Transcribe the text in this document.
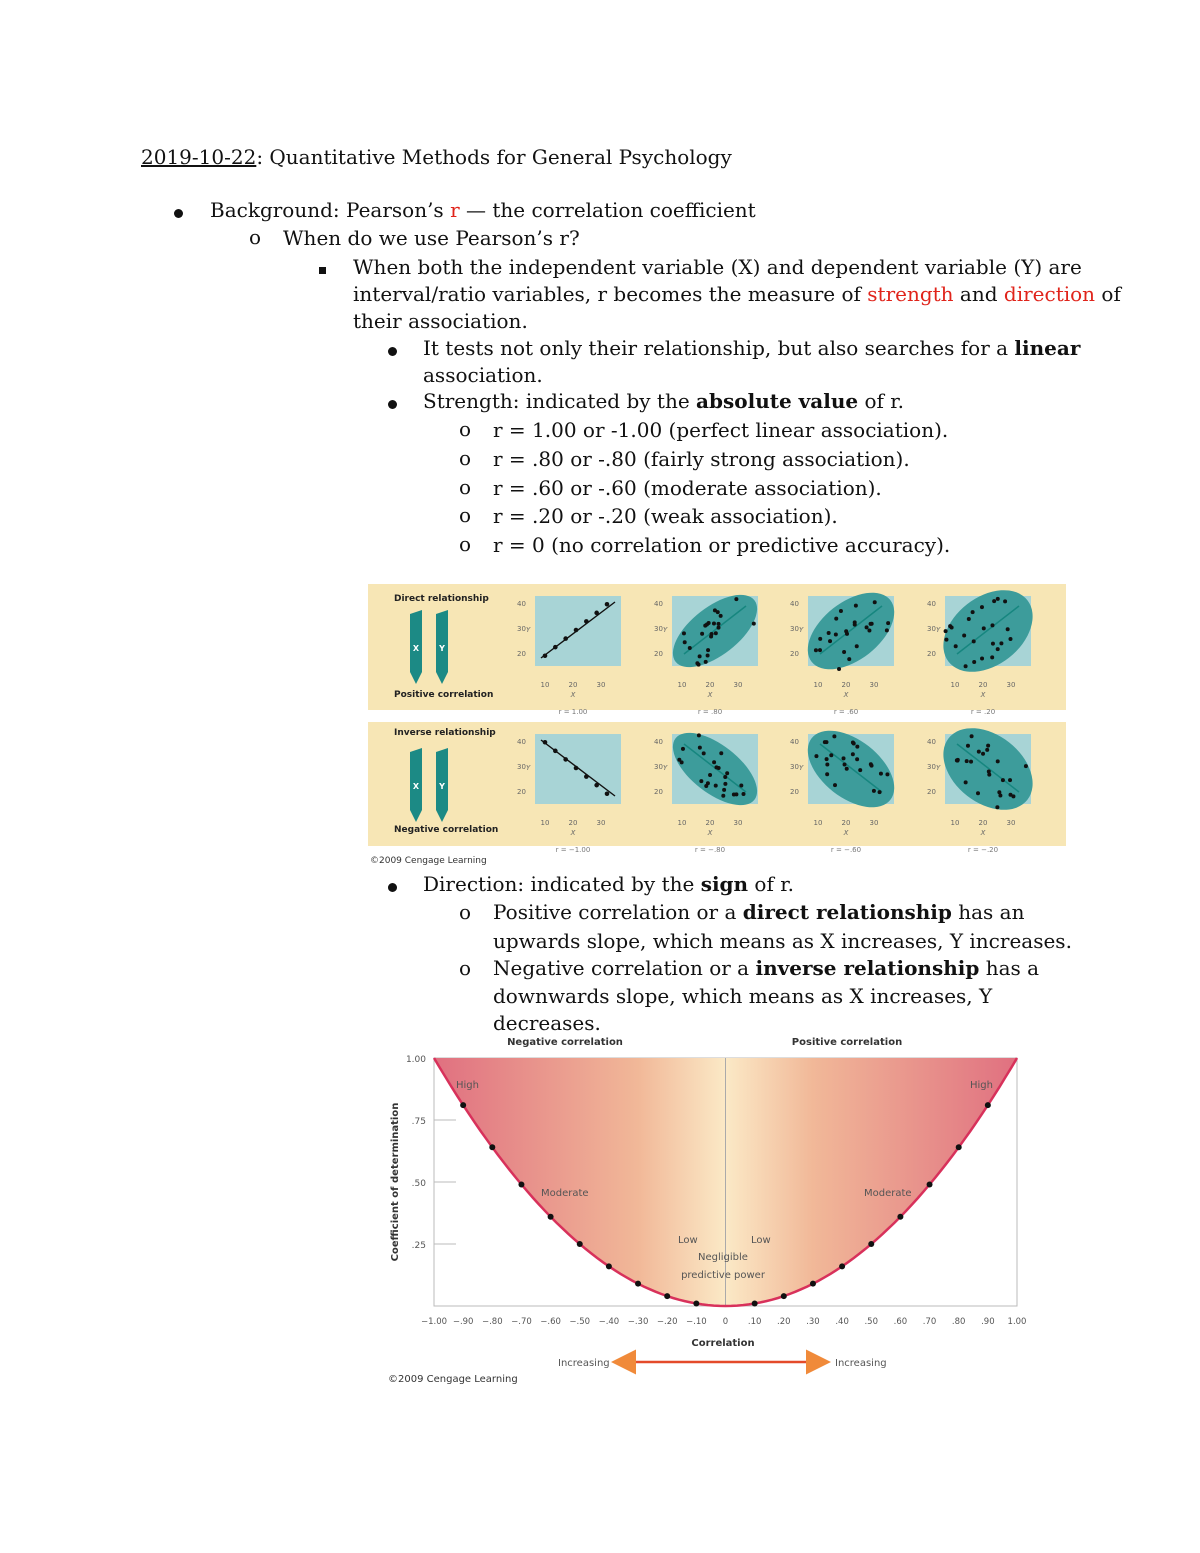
2019-10-22: Quantitative Methods for General Psychology
Background: Pearson’s r — the correlation coefficient
o When do we use Pearson’s r?
When both the independent variable (X) and dependent variable (Y) are
interval/ratio variables, r becomes the measure of strength and direction of
their association.
It tests not only their relationship, but also searches for a linear
association.
Strength: indicated by the absolute value of r.
o r = 1.00 or -1.00 (perfect linear association).
o r = .80 or -.80 (fairly strong association).
o r = .60 or -.60 (moderate association).
o r = .20 or -.20 (weak association).
o r = 0 (no correlation or predictive accuracy).
Direct relationship
Positive correlation
Inverse relationship
Negative correlation
X	Y
X	Y
40
30
20
Y
10	20	30
X
r = 1.00
40
30
20
Y
10	20	30
X
r = .80
40
30
20
Y
10	20	30
X
r = .60
40
30
20
Y
10	20	30
X
r = .20
40
30
20
Y
10	20	30
X
r = −1.00
40
30
20
Y
10	20	30
X
r = −.80
40
30
20
Y
10	20	30
X
r = −.60
40
30
20
Y
10	20	30
X
r = −.20
©2009 Cengage Learning
Direction: indicated by the sign of r.
o Positive correlation or a direct relationship has an
upwards slope, which means as X increases, Y increases.
o Negative correlation or a inverse relationship has a
downwards slope, which means as X increases, Y
decreases.
Negative correlation	Positive correlation
1.00
.75
.50
.25
−1.00 −.90 −.80 −.70 −.60 −.50 −.40 −.30 −.20 −.10 0 .10 .20 .30 .40 .50 .60 .70 .80 .90 1.00
High	High
Moderate	Moderate
Low	Low
Negligible
predictive power
Coefficient of determination
Correlation
Increasing	Increasing
©2009 Cengage Learning
